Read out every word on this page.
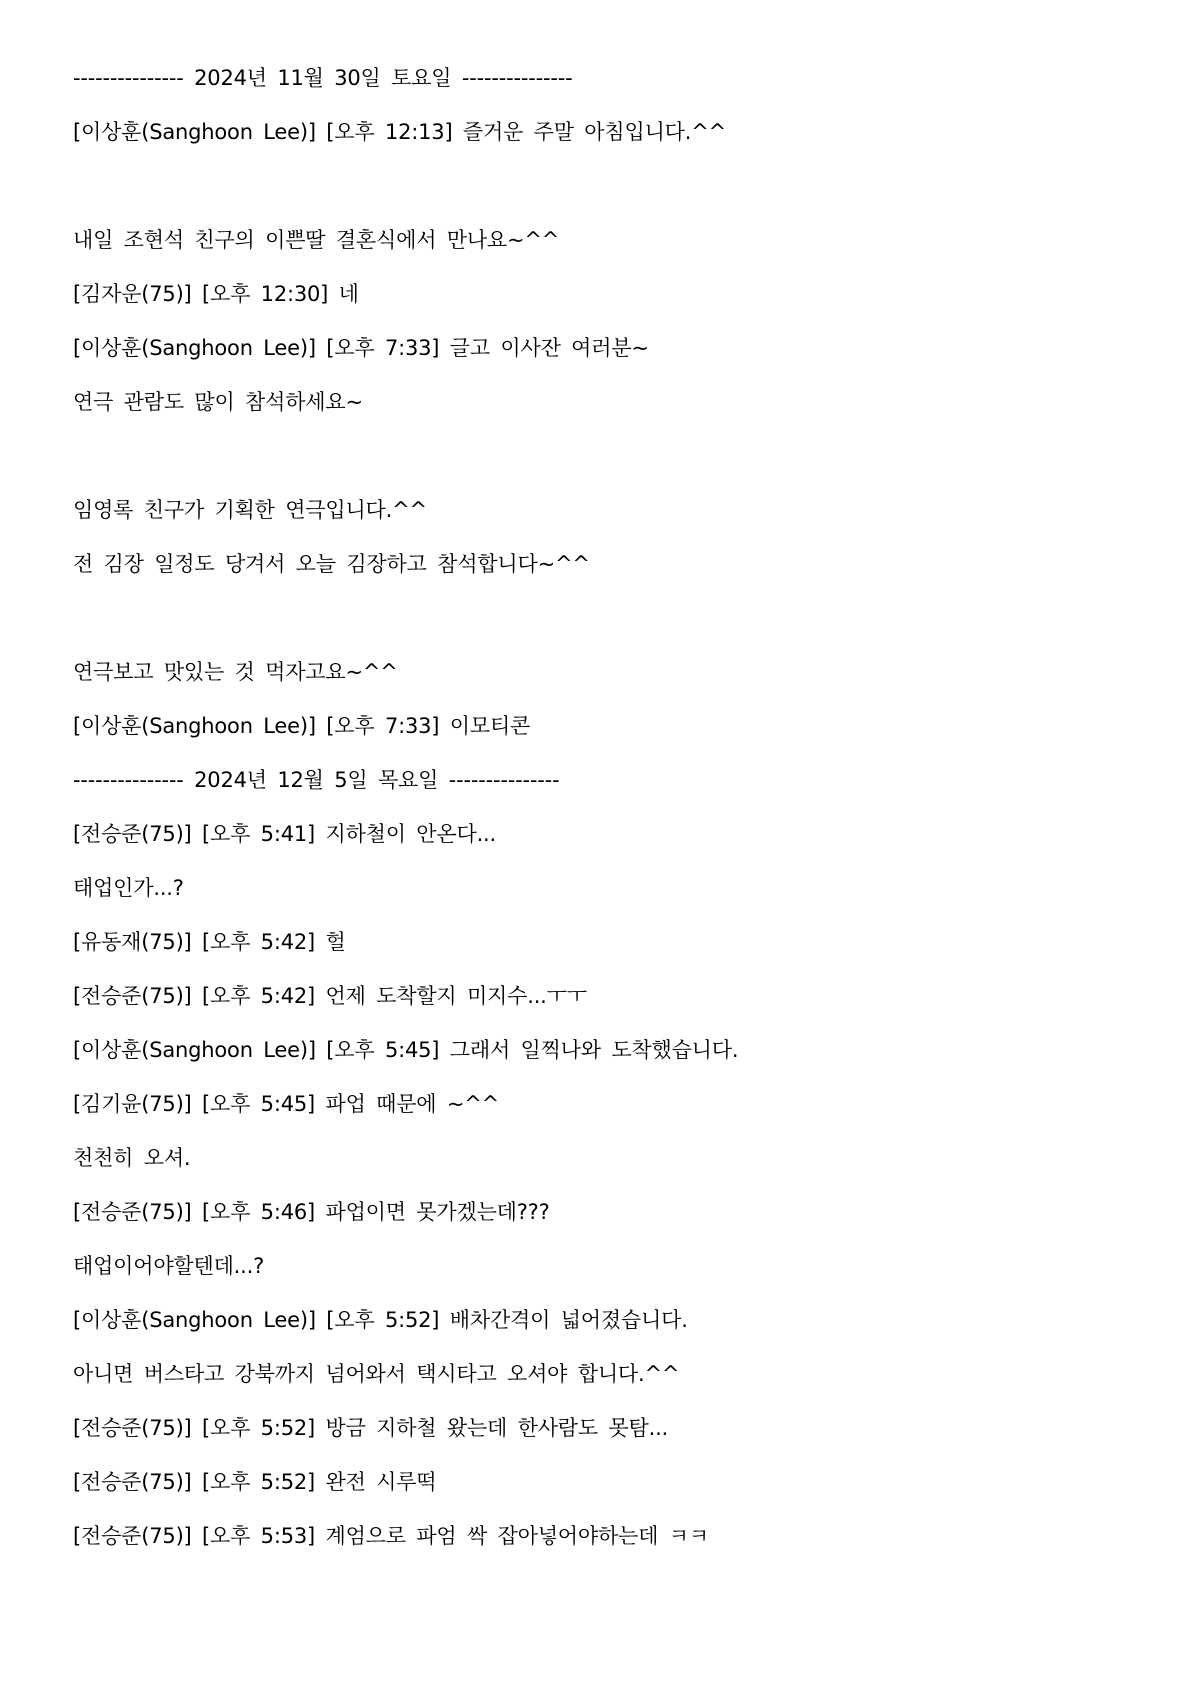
--------------- 2024년 11월 30일 토요일 ---------------
[이상훈(Sanghoon Lee)] [오후 12:13] 즐거운 주말 아침입니다.^^
내일 조현석 친구의 이쁜딸 결혼식에서 만나요~^^
[김자운(75)] [오후 12:30] 네
[이상훈(Sanghoon Lee)] [오후 7:33] 글고 이사잔 여러분~
연극 관람도 많이 참석하세요~
임영록 친구가 기획한 연극입니다.^^
전 김장 일정도 당겨서 오늘 김장하고 참석합니다~^^
연극보고 맛있는 것 먹자고요~^^
[이상훈(Sanghoon Lee)] [오후 7:33] 이모티콘
--------------- 2024년 12월 5일 목요일 ---------------
[전승준(75)] [오후 5:41] 지하철이 안온다...
태업인가...?
[유동재(75)] [오후 5:42] 헐
[전승준(75)] [오후 5:42] 언제 도착할지 미지수...ㅜㅜ
[이상훈(Sanghoon Lee)] [오후 5:45] 그래서 일찍나와 도착했습니다.
[김기윤(75)] [오후 5:45] 파업 때문에 ~^^
천천히 오셔.
[전승준(75)] [오후 5:46] 파업이면 못가겠는데???
태업이어야할텐데...?
[이상훈(Sanghoon Lee)] [오후 5:52] 배차간격이 넓어졌습니다.
아니면 버스타고 강북까지 넘어와서 택시타고 오셔야 합니다.^^
[전승준(75)] [오후 5:52] 방금 지하철 왔는데 한사람도 못탐...
[전승준(75)] [오후 5:52] 완전 시루떡
[전승준(75)] [오후 5:53] 계엄으로 파엄 싹 잡아넣어야하는데 ㅋㅋ
